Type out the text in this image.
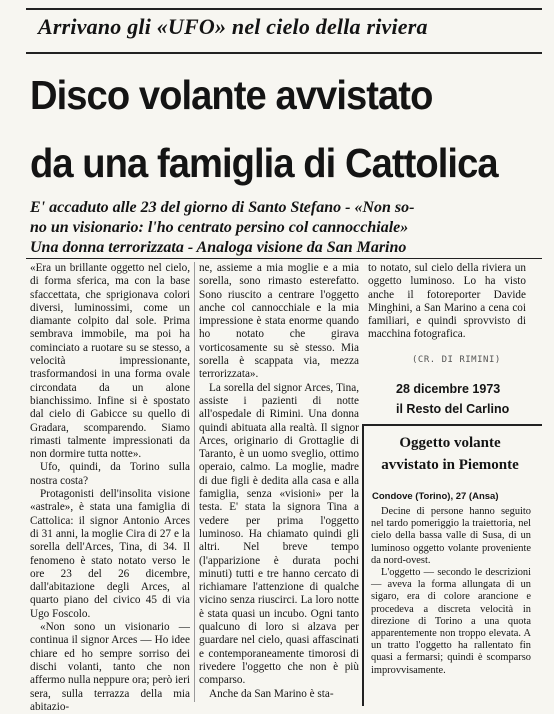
Arrivano gli «UFO» nel cielo della riviera
Disco volante avvistato
da una famiglia di Cattolica
E' accaduto alle 23 del giorno di Santo Stefano - «Non so-
no un visionario: l'ho centrato persino col cannocchiale»
Una donna terrorizzata - Analoga visione da San Marino

«Era un brillante oggetto nel cielo, di forma sferica, ma con la base sfaccettata, che sprigionava colori diversi, luminossimi, come un diamante colpito dal sole. Prima sembrava immobile, ma poi ha cominciato a ruotare su se stesso, a velocità impressionante, trasformandosi in una forma ovale circondata da un alone bianchissimo. Infine si è spostato dal cielo di Gabicce su quello di Gradara, scomparendo. Siamo rimasti talmente impressionati da non dormire tutta notte».

Ufo, quindi, da Torino sulla nostra costa?

Protagonisti dell'insolita visione «astrale», è stata una famiglia di Cattolica: il signor Antonio Arces di 31 anni, la moglie Cira di 27 e la sorella dell'Arces, Tina, di 34. Il fenomeno è stato notato verso le ore 23 del 26 dicembre, dall'abitazione degli Arces, al quarto piano del civico 45 di via Ugo Foscolo.

«Non sono un visionario — continua il signor Arces — Ho idee chiare ed ho sempre sorriso dei dischi volanti, tanto che non affermo nulla neppure ora; però ieri sera, sulla terrazza della mia abitazio-

ne, assieme a mia moglie e a mia sorella, sono rimasto esterefatto. Sono riuscito a centrare l'oggetto anche col cannocchiale e la mia impressione è stata enorme quando ho notato che girava vorticosamente su sè stesso. Mia sorella è scappata via, mezza terrorizzata».

La sorella del signor Arces, Tina, assiste i pazienti di notte all'ospedale di Rimini. Una donna quindi abituata alla realtà. Il signor Arces, originario di Grottaglie di Taranto, è un uomo sveglio, ottimo operaio, calmo. La moglie, madre di due figli è dedita alla casa e alla famiglia, senza «visioni» per la testa. E' stata la signora Tina a vedere per prima l'oggetto luminoso. Ha chiamato quindi gli altri. Nel breve tempo (l'apparizione è durata pochi minuti) tutti e tre hanno cercato di richiamare l'attenzione di qualche vicino senza riuscirci. La loro notte è stata quasi un incubo. Ogni tanto qualcuno di loro si alzava per guardare nel cielo, quasi affascinati e contemporaneamente timorosi di rivedere l'oggetto che non è più comparso.

Anche da San Marino è sta-

to notato, sul cielo della riviera un oggetto luminoso. Lo ha visto anche il fotoreporter Davide Minghini, a San Marino a cena coi familiari, e quindi sprovvisto di macchina fotografica.

(CR. DI RIMINI)
28 dicembre 1973
il Resto del Carlino
Oggetto volante
avvistato in Piemonte
Condove (Torino), 27 (Ansa)

Decine di persone hanno seguito nel tardo pomeriggio la traiettoria, nel cielo della bassa valle di Susa, di un luminoso oggetto volante proveniente da nord-ovest.

L'oggetto — secondo le descrizioni — aveva la forma allungata di un sigaro, era di colore arancione e procedeva a discreta velocità in direzione di Torino a una quota apparentemente non troppo elevata. A un tratto l'oggetto ha rallentato fin quasi a fermarsi; quindi è scomparso improvvisamente.
